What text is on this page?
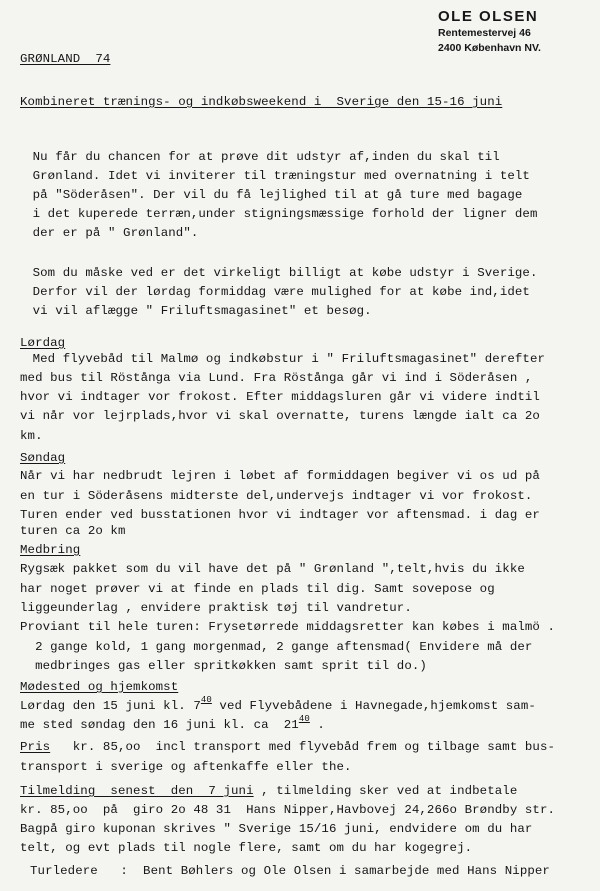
OLE OLSEN
Rentemestervej 46
2400 København NV.
GRØNLAND  74
Kombineret trænings- og indkøbsweekend i  Sverige den 15-16 juni
Nu får du chancen for at prøve dit udstyr af,inden du skal til
Grønland. Idet vi inviterer til træningstur med overnatning i telt
på "Söderåsen". Der vil du få lejlighed til at gå ture med bagage
i det kuperede terræn,under stigningsmæssige forhold der ligner dem
der er på " Grønland".
Som du måske ved er det virkeligt billigt at købe udstyr i Sverige.
Derfor vil der lørdag formiddag være mulighed for at købe ind,idet
vi vil aflægge " Friluftsmagasinet" et besøg.
Lørdag
Med flyvebåd til Malmø og indkøbstur i " Friluftsmagasinet" derefter
med bus til Röstånga via Lund. Fra Röstånga går vi ind i Söderåsen ,
hvor vi indtager vor frokost. Efter middagsluren går vi videre indtil
vi når vor lejrplads,hvor vi skal overnatte, turens længde ialt ca 2o
km.
Søndag
Når vi har nedbrudt lejren i løbet af formiddagen begiver vi os ud på
en tur i Söderåsens midterste del,undervejs indtager vi vor frokost.
Turen ender ved busstationen hvor vi indtager vor aftensmad. i dag er
turen ca 2o km
Medbring
Rygsæk pakket som du vil have det på " Grønland ",telt,hvis du ikke
har noget prøver vi at finde en plads til dig. Samt sovepose og
liggeunderlag , envidere praktisk tøj til vandretur.
Proviant til hele turen: Frysetørrede middagsretter kan købes i malmö .
2 gange kold, 1 gang morgenmad, 2 gange aftensmad( Envidere må der
medbringes gas eller spritkøkken samt sprit til do.)
Mødested og hjemkomst
Lørdag den 15 juni kl. $7^{40}$ ved Flyvebådene i Havnegade,hjemkomst sam-
me sted søndag den 16 juni kl. ca  $21^{40}$ .
Pris   kr. 85,oo  incl transport med flyvebåd frem og tilbage samt bus-
transport i sverige og aftenkaffe eller the.
Tilmelding  senest  den  7 juni , tilmelding sker ved at indbetale
kr. 85,oo  på  giro 2o 48 31  Hans Nipper,Havbovej 24,266o Brøndby str.
Bagpå giro kuponan skrives " Sverige 15/16 juni, endvidere om du har
telt, og evt plads til nogle flere, samt om du har kogegrej.
Turledere   :  Bent Bøhlers og Ole Olsen i samarbejde med Hans Nipper
